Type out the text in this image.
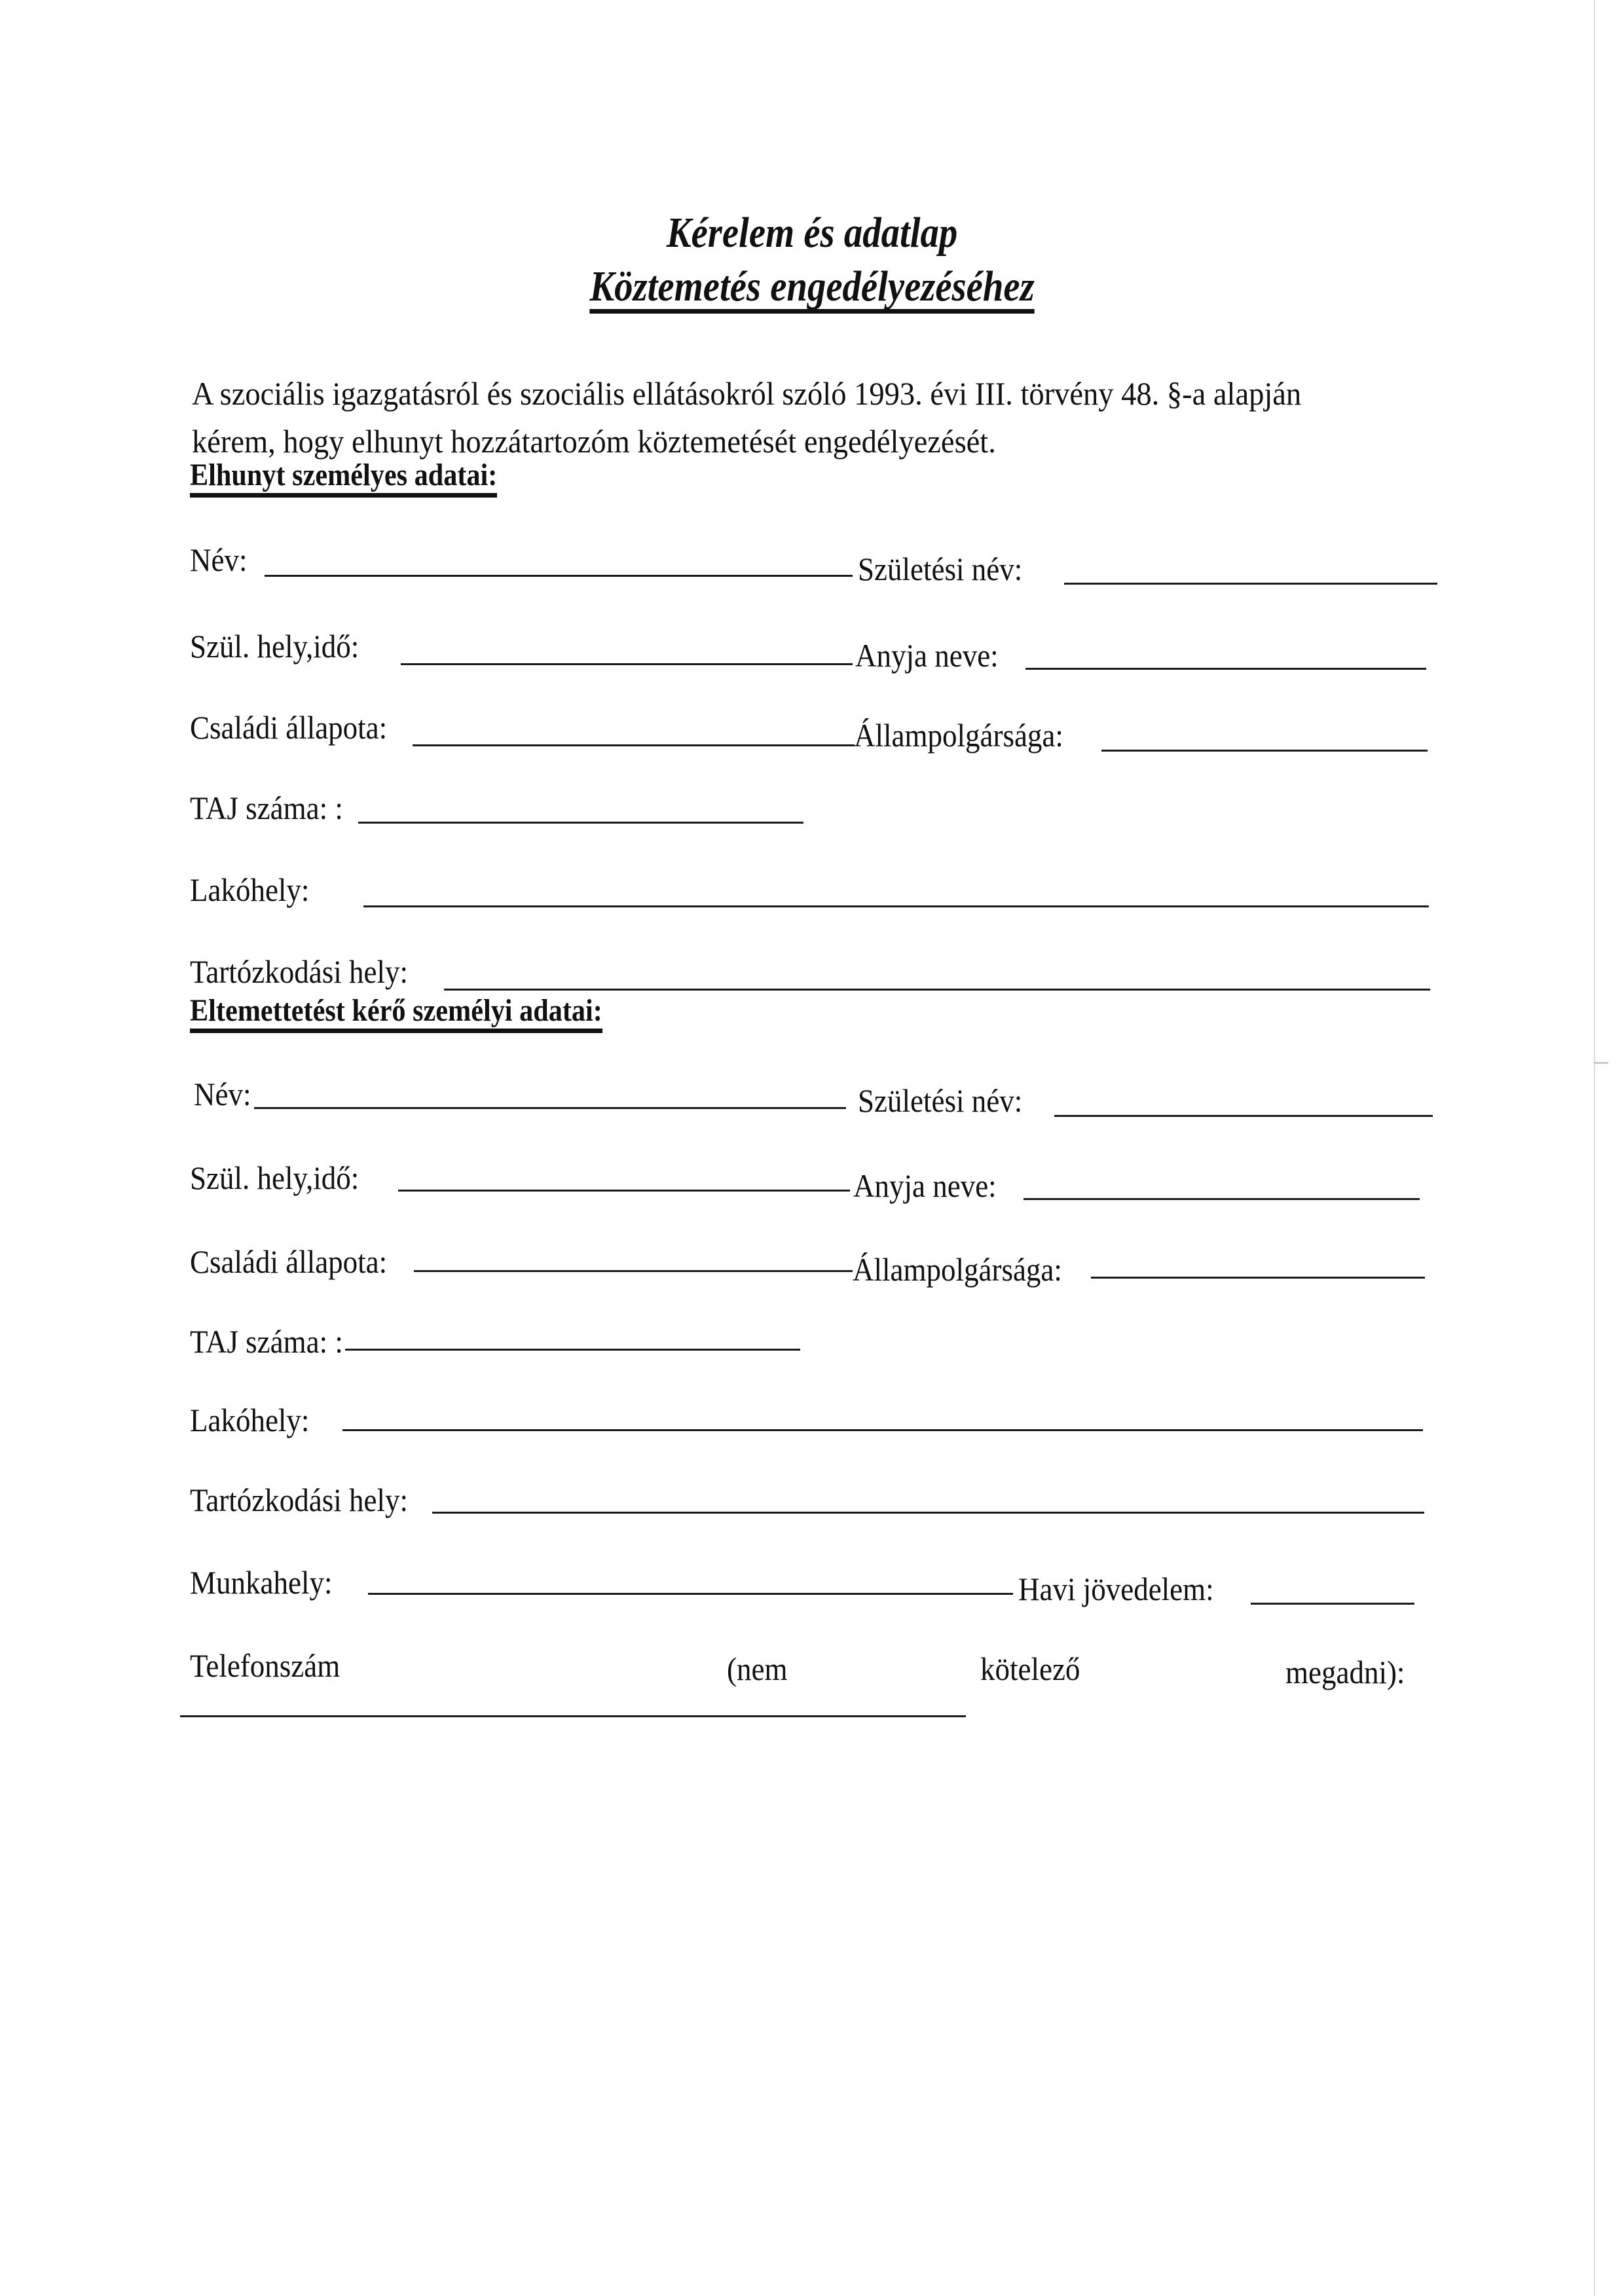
Kérelem és adatlap
Köztemetés engedélyezéséhez
A szociális igazgatásról és szociális ellátásokról szóló 1993. évi III. törvény 48. §-a alapján
kérem, hogy elhunyt hozzátartozóm köztemetését engedélyezését.
Elhunyt személyes adatai:
Név:	Születési név:
Szül. hely,idő:	Anyja neve:
Családi állapota:	Állampolgársága:
TAJ száma: :
Lakóhely:
Tartózkodási hely:
Eltemettetést kérő személyi adatai:
Név:	Születési név:
Szül. hely,idő:	Anyja neve:
Családi állapota:	Állampolgársága:
TAJ száma: :
Lakóhely:
Tartózkodási hely:
Munkahely:	Havi jövedelem:
Telefonszám	(nem	kötelező	megadni):
